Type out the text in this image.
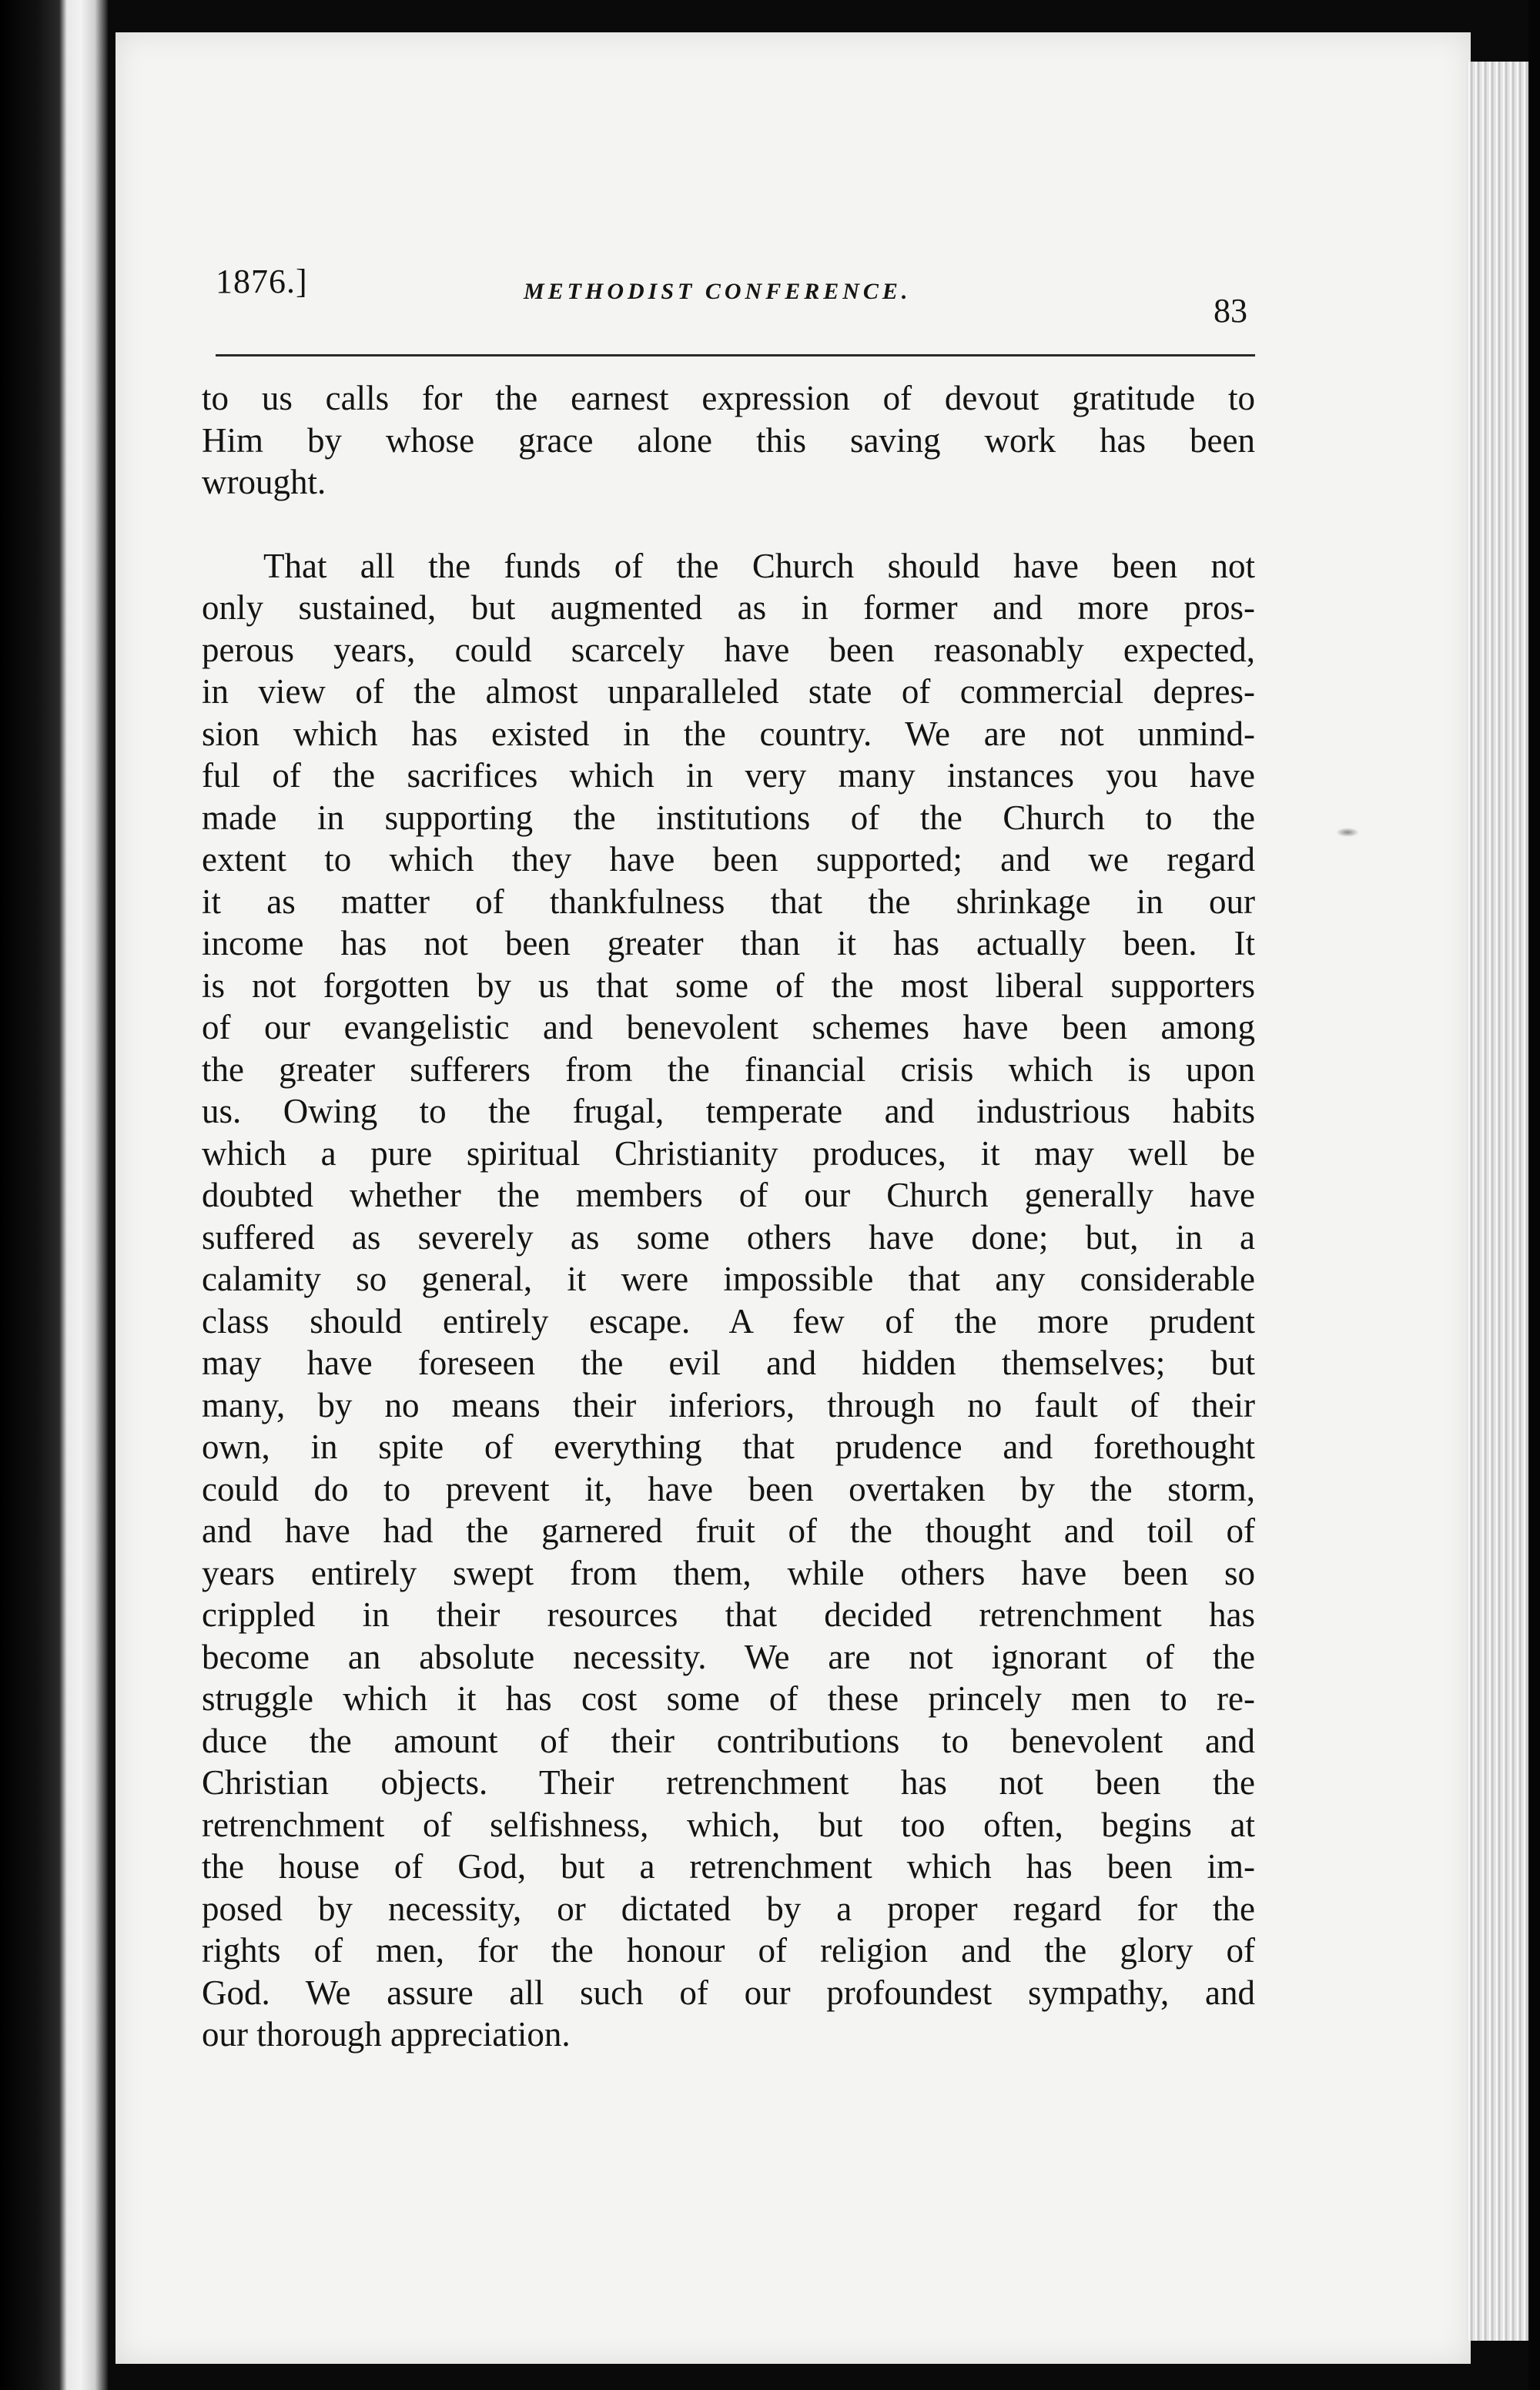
1876.]	METHODIST CONFERENCE.
83

to us calls for the earnest expression of devout gratitude to
Him by whose grace alone this saving work has been
wrought.

That all the funds of the Church should have been not
only sustained, but augmented as in former and more pros-
perous years, could scarcely have been reasonably expected,
in view of the almost unparalleled state of commercial depres-
sion which has existed in the country. We are not unmind-
ful of the sacrifices which in very many instances you have
made in supporting the institutions of the Church to the
extent to which they have been supported; and we regard
it as matter of thankfulness that the shrinkage in our
income has not been greater than it has actually been. It
is not forgotten by us that some of the most liberal supporters
of our evangelistic and benevolent schemes have been among
the greater sufferers from the financial crisis which is upon
us. Owing to the frugal, temperate and industrious habits
which a pure spiritual Christianity produces, it may well be
doubted whether the members of our Church generally have
suffered as severely as some others have done; but, in a
calamity so general, it were impossible that any considerable
class should entirely escape. A few of the more prudent
may have foreseen the evil and hidden themselves; but
many, by no means their inferiors, through no fault of their
own, in spite of everything that prudence and forethought
could do to prevent it, have been overtaken by the storm,
and have had the garnered fruit of the thought and toil of
years entirely swept from them, while others have been so
crippled in their resources that decided retrenchment has
become an absolute necessity. We are not ignorant of the
struggle which it has cost some of these princely men to re-
duce the amount of their contributions to benevolent and
Christian objects. Their retrenchment has not been the
retrenchment of selfishness, which, but too often, begins at
the house of God, but a retrenchment which has been im-
posed by necessity, or dictated by a proper regard for the
rights of men, for the honour of religion and the glory of
God. We assure all such of our profoundest sympathy, and
our thorough appreciation.
